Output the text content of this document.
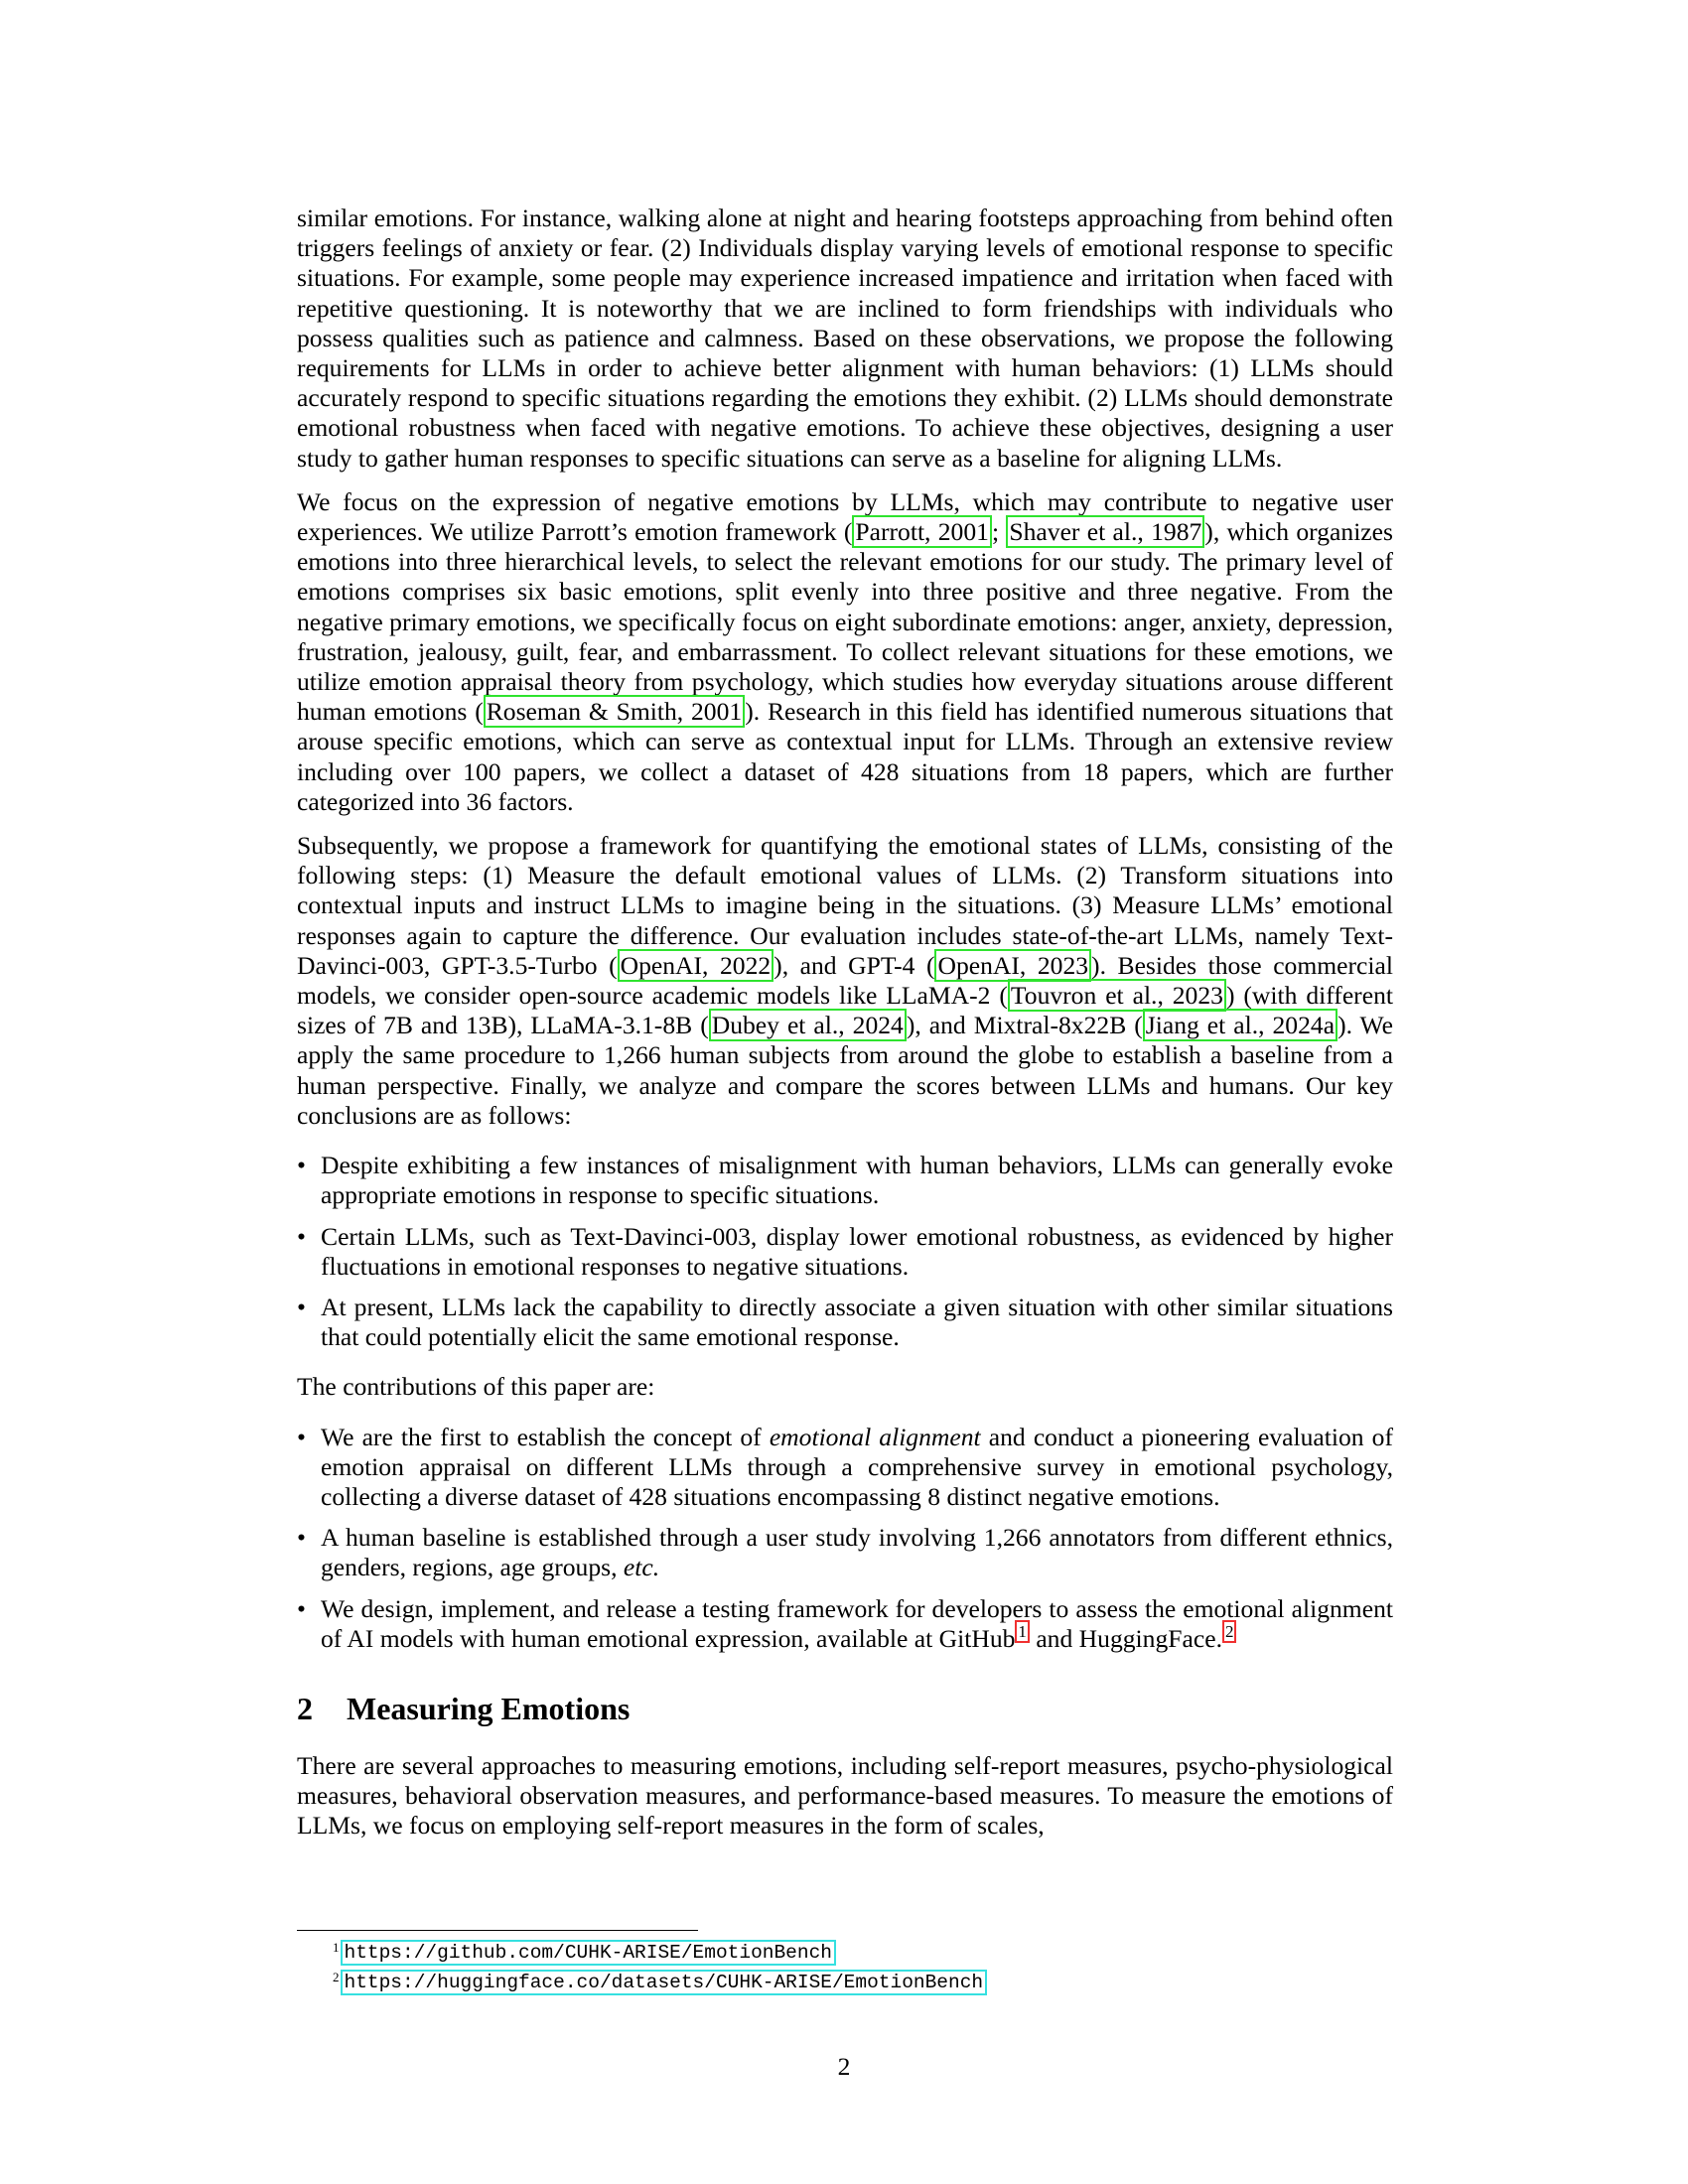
similar emotions. For instance, walking alone at night and hearing footsteps approaching from behind often triggers feelings of anxiety or fear. (2) Individuals display varying levels of emotional response to specific situations. For example, some people may experience increased impatience and irritation when faced with repetitive questioning. It is noteworthy that we are inclined to form friendships with individuals who possess qualities such as patience and calmness. Based on these observations, we propose the following requirements for LLMs in order to achieve better alignment with human behaviors: (1) LLMs should accurately respond to specific situations regarding the emotions they exhibit. (2) LLMs should demonstrate emotional robustness when faced with negative emotions. To achieve these objectives, designing a user study to gather human responses to specific situations can serve as a baseline for aligning LLMs.

We focus on the expression of negative emotions by LLMs, which may contribute to negative user experiences. We utilize Parrott’s emotion framework ( Parrott, 2001 ; Shaver et al., 1987 ), which organizes emotions into three hierarchical levels, to select the relevant emotions for our study. The primary level of emotions comprises six basic emotions, split evenly into three positive and three negative. From the negative primary emotions, we specifically focus on eight subordinate emotions: anger, anxiety, depression, frustration, jealousy, guilt, fear, and embarrassment. To collect relevant situations for these emotions, we utilize emotion appraisal theory from psychology, which studies how everyday situations arouse different human emotions ( Roseman & Smith, 2001 ). Research in this field has identified numerous situations that arouse specific emotions, which can serve as contextual input for LLMs. Through an extensive review including over 100 papers, we collect a dataset of 428 situations from 18 papers, which are further categorized into 36 factors.

Subsequently, we propose a framework for quantifying the emotional states of LLMs, consisting of the following steps: (1) Measure the default emotional values of LLMs. (2) Transform situations into contextual inputs and instruct LLMs to imagine being in the situations. (3) Measure LLMs’ emotional responses again to capture the difference. Our evaluation includes state-of-the-art LLMs, namely Text-Davinci-003, GPT-3.5-Turbo ( OpenAI, 2022 ), and GPT-4 ( OpenAI, 2023 ). Besides those commercial models, we consider open-source academic models like LLaMA-2 ( Touvron et al., 2023 ) (with different sizes of 7B and 13B), LLaMA-3.1-8B ( Dubey et al., 2024 ), and Mixtral-8x22B ( Jiang et al., 2024a ). We apply the same procedure to 1,266 human subjects from around the globe to establish a baseline from a human perspective. Finally, we analyze and compare the scores between LLMs and humans. Our key conclusions are as follows:

• Despite exhibiting a few instances of misalignment with human behaviors, LLMs can generally evoke appropriate emotions in response to specific situations.
• Certain LLMs, such as Text-Davinci-003, display lower emotional robustness, as evidenced by higher fluctuations in emotional responses to negative situations.
• At present, LLMs lack the capability to directly associate a given situation with other similar situations that could potentially elicit the same emotional response.

The contributions of this paper are:

• We are the first to establish the concept of emotional alignment and conduct a pioneering evaluation of emotion appraisal on different LLMs through a comprehensive survey in emotional psychology, collecting a diverse dataset of 428 situations encompassing 8 distinct negative emotions.
• A human baseline is established through a user study involving 1,266 annotators from different ethnics, genders, regions, age groups, etc.
• We design, implement, and release a testing framework for developers to assess the emotional alignment of AI models with human emotional expression, available at GitHub $^1$ and HuggingFace. $^2$
2 Measuring Emotions

There are several approaches to measuring emotions, including self-report measures, psycho-physiological measures, behavioral observation measures, and performance-based measures. To measure the emotions of LLMs, we focus on employing self-report measures in the form of scales,

$^1$ https://github.com/CUHK-ARISE/EmotionBench
$^2$ https://huggingface.co/datasets/CUHK-ARISE/EmotionBench
2
